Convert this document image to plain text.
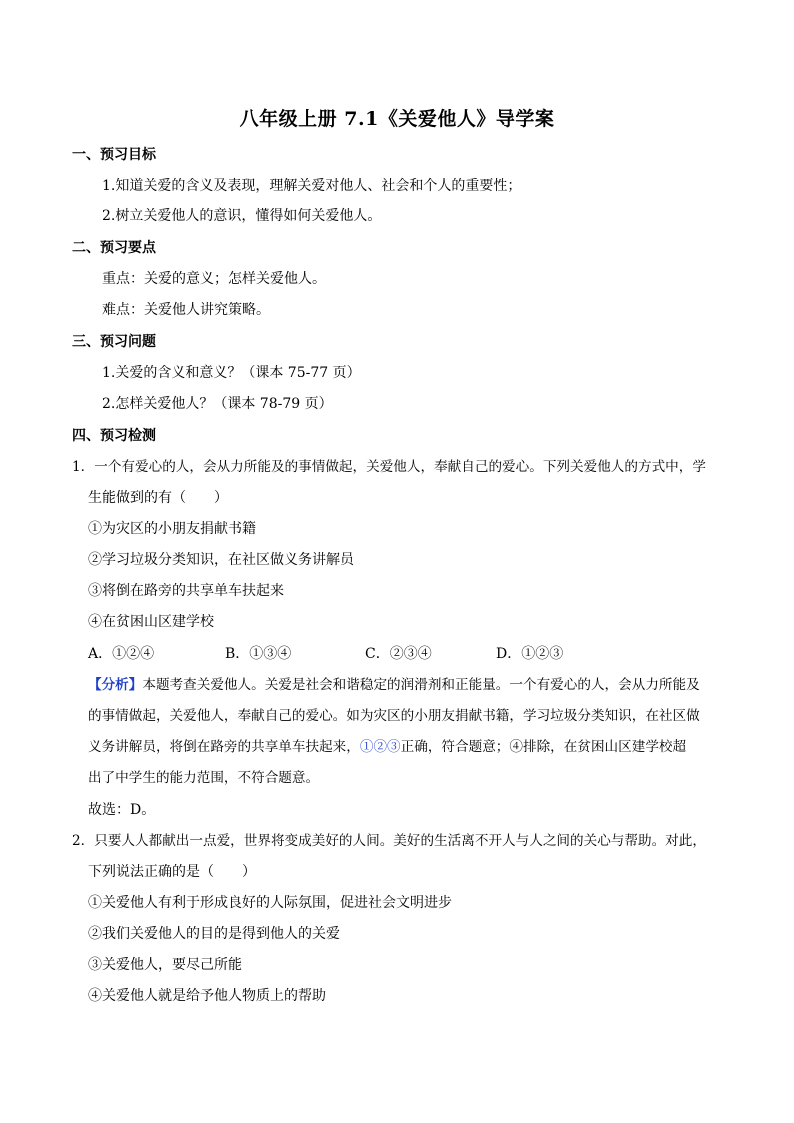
八年级上册 7.1《关爱他人》导学案
一、预习目标
1.知道关爱的含义及表现，理解关爱对他人、社会和个人的重要性；
2.树立关爱他人的意识，懂得如何关爱他人。
二、预习要点
重点：关爱的意义；怎样关爱他人。
难点：关爱他人讲究策略。
三、预习问题
1.关爱的含义和意义？（课本 75-77 页）
2.怎样关爱他人？（课本 78-79 页）
四、预习检测
1．一个有爱心的人，会从力所能及的事情做起，关爱他人，奉献自己的爱心。下列关爱他人的方式中，学
生能做到的有（　　）
①为灾区的小朋友捐献书籍
②学习垃圾分类知识，在社区做义务讲解员
③将倒在路旁的共享单车扶起来
④在贫困山区建学校
A．①②④	B．①③④	C．②③④	D．①②③
【分析】本题考查关爱他人。关爱是社会和谐稳定的润滑剂和正能量。一个有爱心的人，会从力所能及
的事情做起，关爱他人，奉献自己的爱心。如为灾区的小朋友捐献书籍，学习垃圾分类知识，在社区做
义务讲解员，将倒在路旁的共享单车扶起来，①②③正确，符合题意；④排除，在贫困山区建学校超
出了中学生的能力范围，不符合题意。
故选：D。
2．只要人人都献出一点爱，世界将变成美好的人间。美好的生活离不开人与人之间的关心与帮助。对此，
下列说法正确的是（　　）
①关爱他人有利于形成良好的人际氛围，促进社会文明进步
②我们关爱他人的目的是得到他人的关爱
③关爱他人，要尽己所能
④关爱他人就是给予他人物质上的帮助
